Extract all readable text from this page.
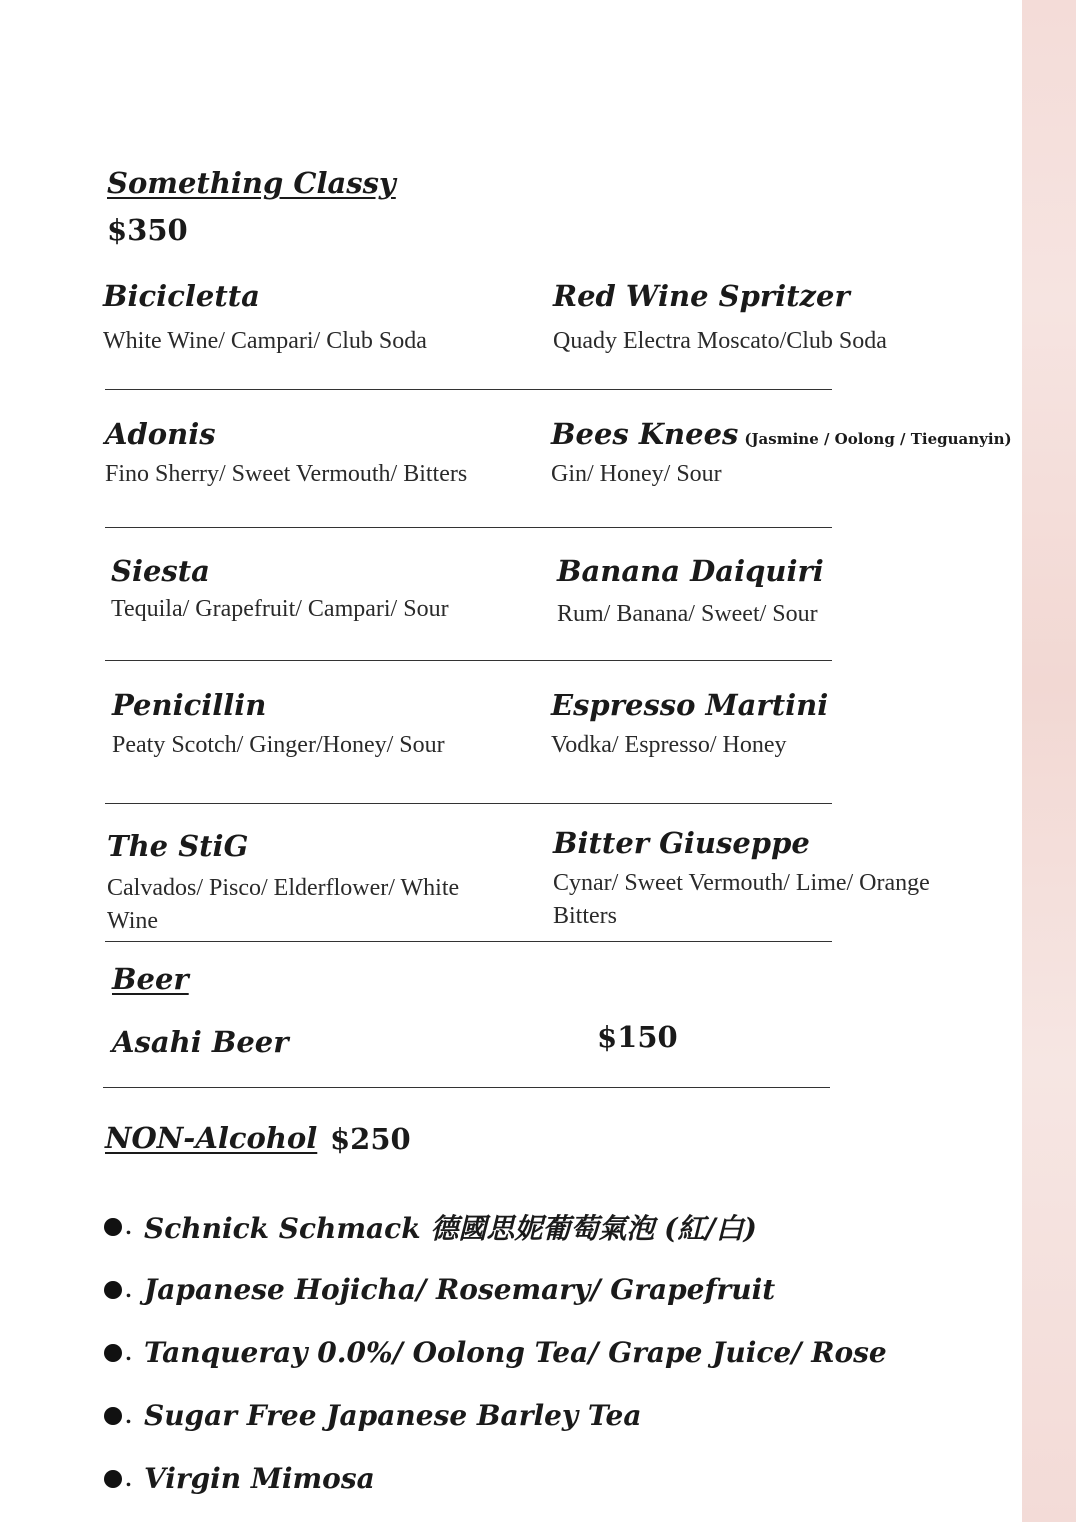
Something Classy
$350
Bicicletta
White Wine/ Campari/ Club Soda
Red Wine Spritzer
Quady Electra Moscato/Club Soda
Adonis
Fino Sherry/ Sweet Vermouth/ Bitters
Bees Knees (Jasmine / Oolong / Tieguanyin)
Gin/ Honey/ Sour
Siesta
Tequila/ Grapefruit/ Campari/ Sour
Banana Daiquiri
Rum/ Banana/ Sweet/ Sour
Penicillin
Peaty Scotch/ Ginger/Honey/ Sour
Espresso Martini
Vodka/ Espresso/ Honey
The StiG
Calvados/ Pisco/ Elderflower/ White Wine
Bitter Giuseppe
Cynar/ Sweet Vermouth/ Lime/ Orange Bitters
Beer
Asahi Beer	$150
NON-Alcohol $250
. Schnick Schmack 德國思妮葡萄氣泡 (紅/白)
. Japanese Hojicha/ Rosemary/ Grapefruit
. Tanqueray 0.0%/ Oolong Tea/ Grape Juice/ Rose
. Sugar Free Japanese Barley Tea
. Virgin Mimosa
